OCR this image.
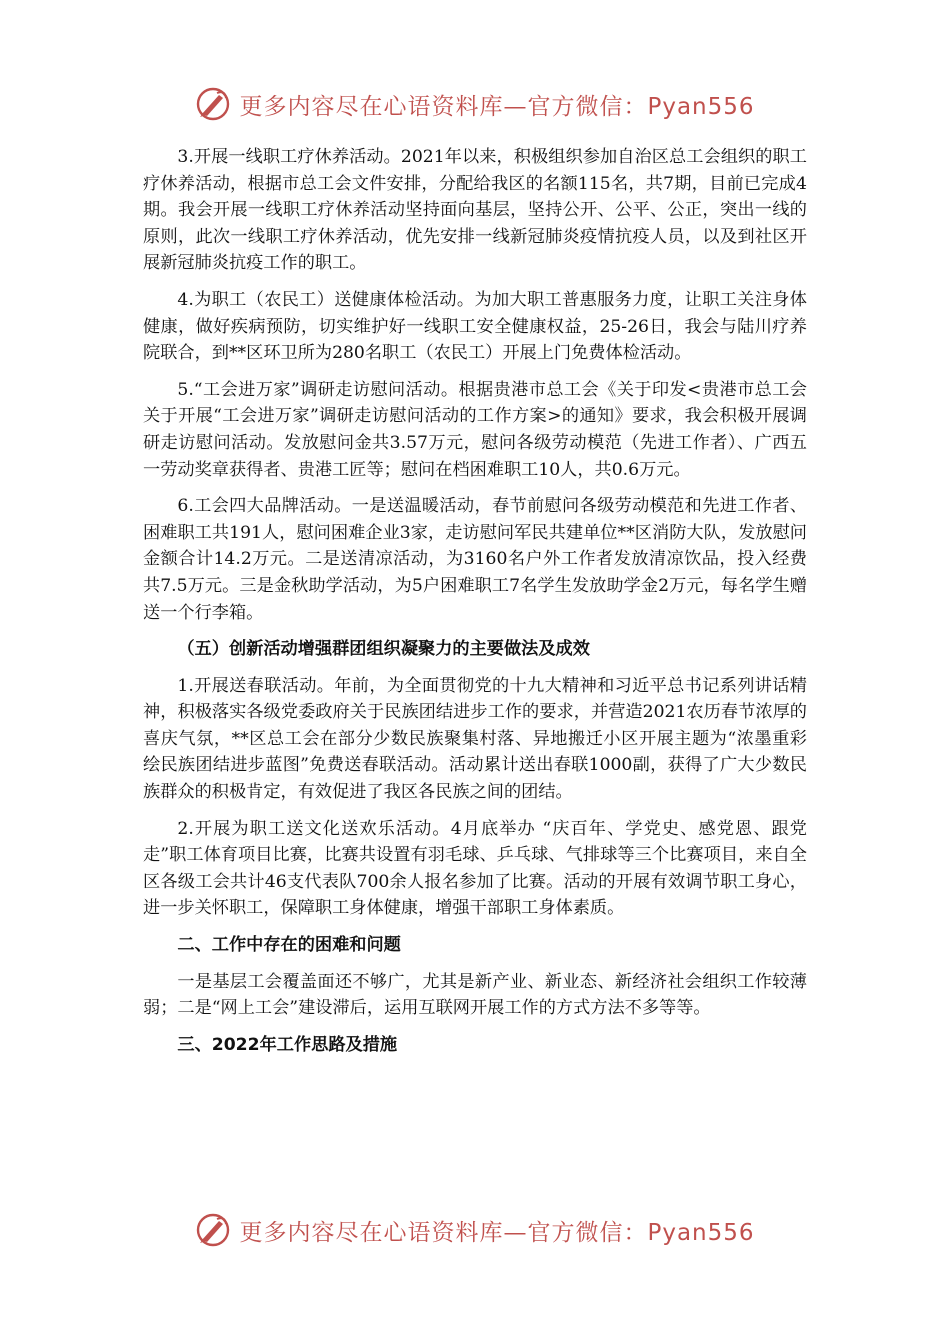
更多内容尽在心语资料库—官方微信：Pyan556

3.开展一线职工疗休养活动。2021年以来，积极组织参加自治区总工会组织的职工疗休养活动，根据市总工会文件安排，分配给我区的名额115名，共7期，目前已完成4期。我会开展一线职工疗休养活动坚持面向基层，坚持公开、公平、公正，突出一线的原则，此次一线职工疗休养活动，优先安排一线新冠肺炎疫情抗疫人员，以及到社区开展新冠肺炎抗疫工作的职工。

4.为职工（农民工）送健康体检活动。为加大职工普惠服务力度，让职工关注身体健康，做好疾病预防，切实维护好一线职工安全健康权益，25-26日，我会与陆川疗养院联合，到**区环卫所为280名职工（农民工）开展上门免费体检活动。

5.“工会进万家”调研走访慰问活动。根据贵港市总工会《关于印发<贵港市总工会关于开展“工会进万家”调研走访慰问活动的工作方案>的通知》要求，我会积极开展调研走访慰问活动。发放慰问金共3.57万元，慰问各级劳动模范（先进工作者）、广西五一劳动奖章获得者、贵港工匠等；慰问在档困难职工10人，共0.6万元。

6.工会四大品牌活动。一是送温暖活动，春节前慰问各级劳动模范和先进工作者、困难职工共191人，慰问困难企业3家，走访慰问军民共建单位**区消防大队，发放慰问金额合计14.2万元。二是送清凉活动，为3160名户外工作者发放清凉饮品，投入经费共7.5万元。三是金秋助学活动，为5户困难职工7名学生发放助学金2万元，每名学生赠送一个行李箱。

（五）创新活动增强群团组织凝聚力的主要做法及成效

1.开展送春联活动。年前，为全面贯彻党的十九大精神和习近平总书记系列讲话精神，积极落实各级党委政府关于民族团结进步工作的要求，并营造2021农历春节浓厚的喜庆气氛，**区总工会在部分少数民族聚集村落、异地搬迁小区开展主题为“浓墨重彩 绘民族团结进步蓝图”免费送春联活动。活动累计送出春联1000副，获得了广大少数民族群众的积极肯定，有效促进了我区各民族之间的团结。

2.开展为职工送文化送欢乐活动。4月底举办 “庆百年、学党史、感党恩、跟党走”职工体育项目比赛，比赛共设置有羽毛球、乒乓球、气排球等三个比赛项目，来自全区各级工会共计46支代表队700余人报名参加了比赛。活动的开展有效调节职工身心，进一步关怀职工，保障职工身体健康，增强干部职工身体素质。

二、工作中存在的困难和问题

一是基层工会覆盖面还不够广，尤其是新产业、新业态、新经济社会组织工作较薄弱；二是“网上工会”建设滞后，运用互联网开展工作的方式方法不多等等。

三、2022年工作思路及措施

更多内容尽在心语资料库—官方微信：Pyan556
